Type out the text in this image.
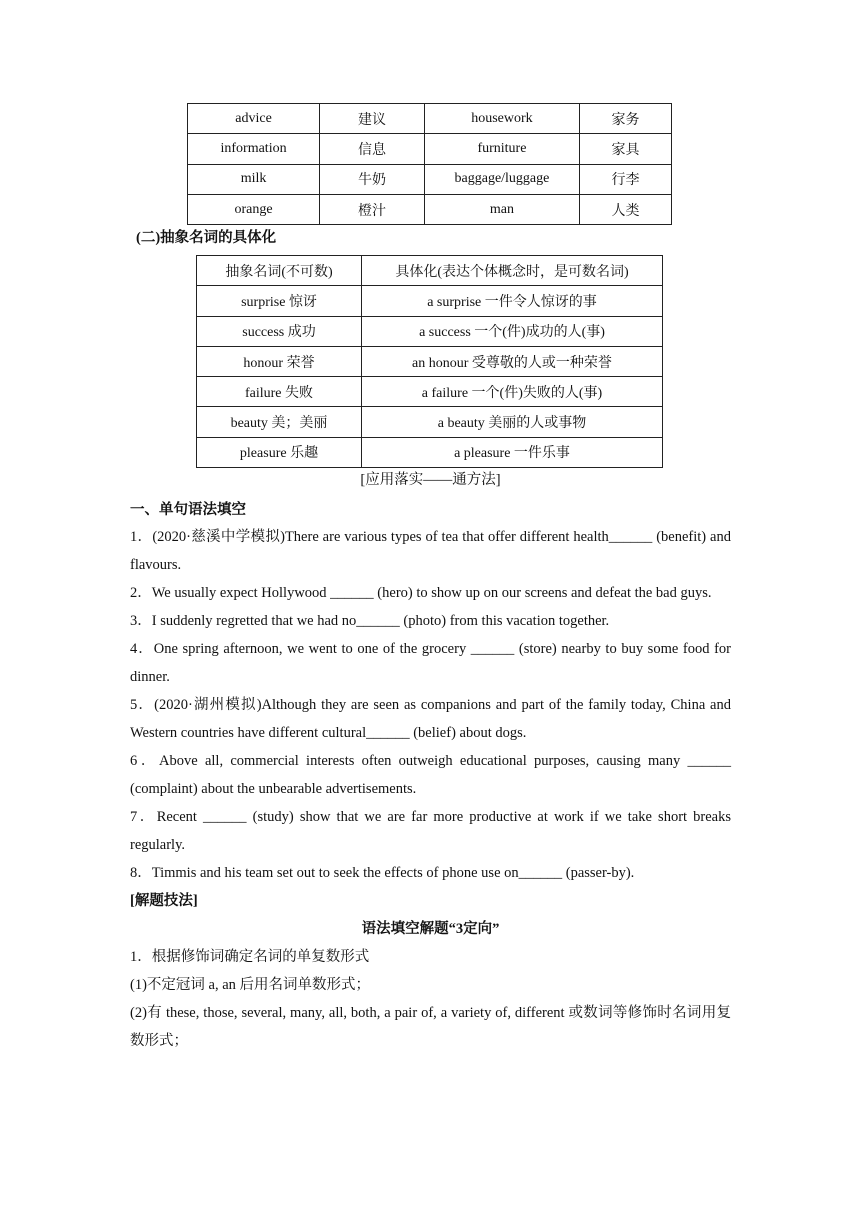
advice	建议	housework	家务
information	信息	furniture	家具
milk	牛奶	baggage/luggage	行李
orange	橙汁	man	人类
(二)抽象名词的具体化
抽象名词(不可数)	具体化(表达个体概念时，是可数名词)
surprise 惊讶	a surprise 一件令人惊讶的事
success 成功	a success 一个(件)成功的人(事)
honour 荣誉	an honour 受尊敬的人或一种荣誉
failure 失败	a failure 一个(件)失败的人(事)
beauty 美；美丽	a beauty 美丽的人或事物
pleasure 乐趣	a pleasure 一件乐事
[应用落实——通方法]
一、单句语法填空
1．(2020·慈溪中学模拟)There are various types of tea that offer different health______ (benefit) and flavours.
2．We usually expect Hollywood ______ (hero) to show up on our screens and defeat the bad guys.
3．I suddenly regretted that we had no______ (photo) from this vacation together.
4．One spring afternoon, we went to one of the grocery ______ (store) nearby to buy some food for dinner.
5．(2020·湖州模拟)Although they are seen as companions and part of the family today, China and Western countries have different cultural______ (belief) about dogs.
6．Above all, commercial interests often outweigh educational purposes, causing many ______ (complaint) about the unbearable advertisements.
7．Recent ______ (study) show that we are far more productive at work if we take short breaks regularly.
8．Timmis and his team set out to seek the effects of phone use on______ (passer-by).
[解题技法]
语法填空解题“3定向”
1．根据修饰词确定名词的单复数形式
(1)不定冠词 a, an 后用名词单数形式；
(2)有 these, those, several, many, all, both, a pair of, a variety of, different 或数词等修饰时名词用复数形式；
